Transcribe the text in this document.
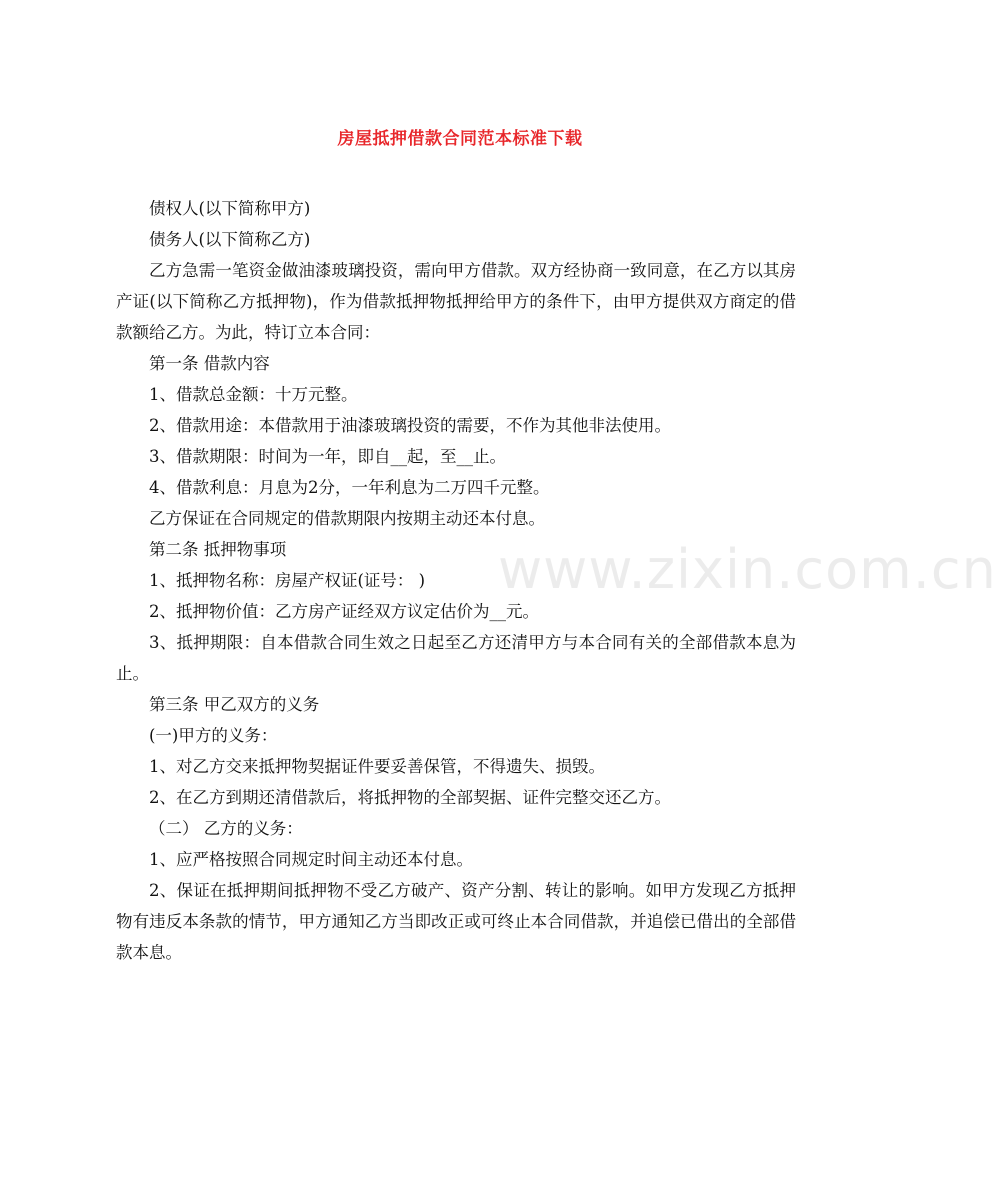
房屋抵押借款合同范本标准下载

债权人(以下简称甲方)

债务人(以下简称乙方)

乙方急需一笔资金做油漆玻璃投资，需向甲方借款。双方经协商一致同意，在乙方以其房产证(以下简称乙方抵押物)，作为借款抵押物抵押给甲方的条件下，由甲方提供双方商定的借款额给乙方。为此，特订立本合同：

第一条 借款内容

1、借款总金额：十万元整。

2、借款用途：本借款用于油漆玻璃投资的需要，不作为其他非法使用。

3、借款期限：时间为一年，即自__起，至__止。

4、借款利息：月息为2分，一年利息为二万四千元整。

乙方保证在合同规定的借款期限内按期主动还本付息。

第二条 抵押物事项

1、抵押物名称：房屋产权证(证号： )

2、抵押物价值：乙方房产证经双方议定估价为__元。

3、抵押期限：自本借款合同生效之日起至乙方还清甲方与本合同有关的全部借款本息为止。

第三条 甲乙双方的义务

(一)甲方的义务：

1、对乙方交来抵押物契据证件要妥善保管，不得遗失、损毁。

2、在乙方到期还清借款后，将抵押物的全部契据、证件完整交还乙方。

（二） 乙方的义务：

1、应严格按照合同规定时间主动还本付息。

2、保证在抵押期间抵押物不受乙方破产、资产分割、转让的影响。如甲方发现乙方抵押物有违反本条款的情节，甲方通知乙方当即改正或可终止本合同借款，并追偿已借出的全部借款本息。

www.zixin.com.cn
